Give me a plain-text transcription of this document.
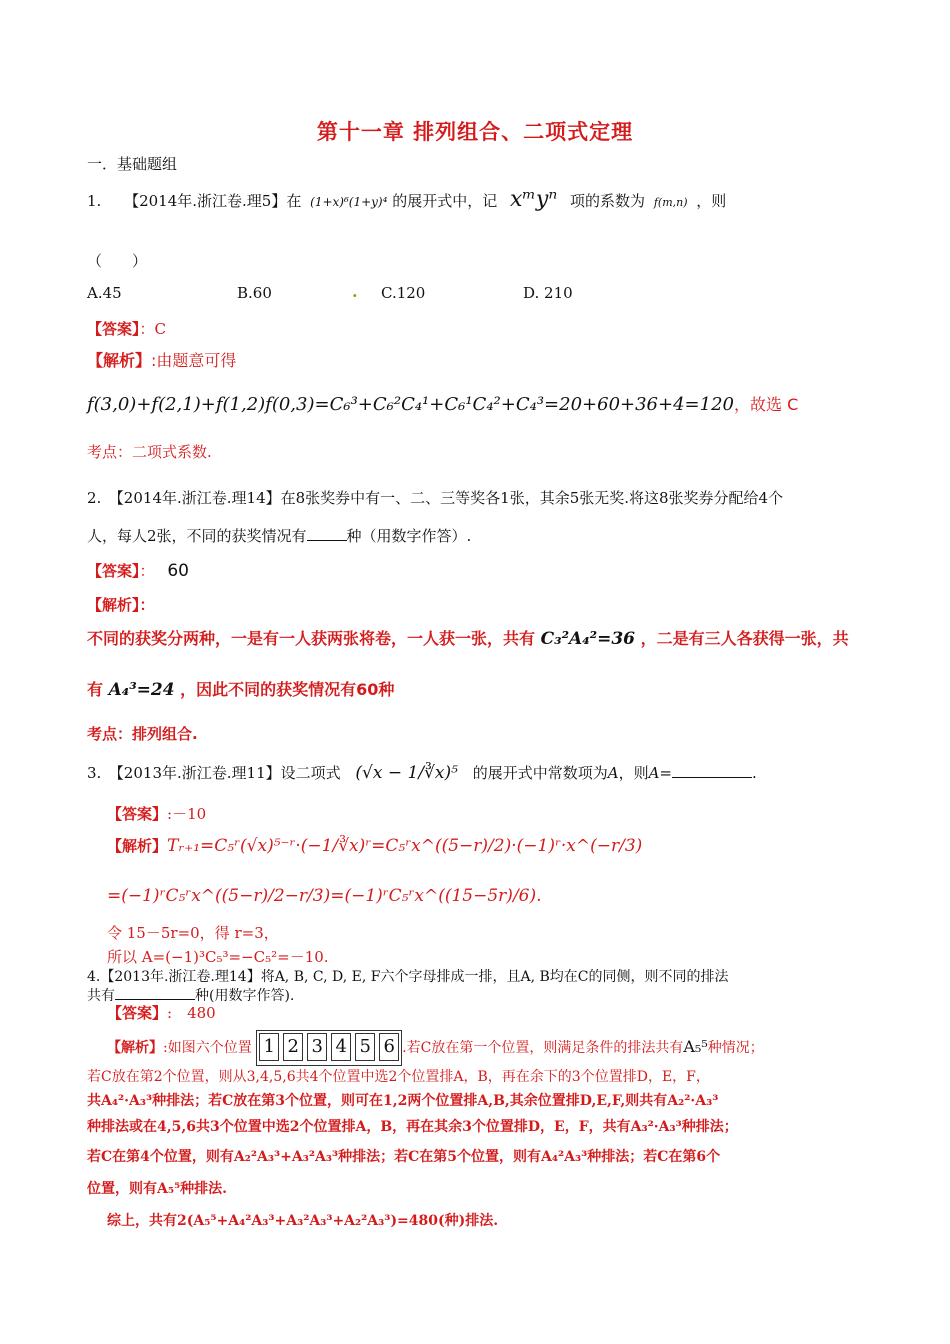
第十一章 排列组合、二项式定理
一．基础题组
1. 【2014年.浙江卷.理5】在 (1+x)⁶(1+y)⁴ 的展开式中，记 xᵐyⁿ 项的系数为 f(m,n) ，则
（　　）
A.45	B.60	. C.120	D. 210
【答案】：C
【解析】:由题意可得
f(3,0)+f(2,1)+f(1,2)f(0,3)=C₆³+C₆²C₄¹+C₆¹C₄²+C₄³=20+60+36+4=120，故选 C
考点：二项式系数.
2.　【2014年.浙江卷.理14】在8张奖券中有一、二、三等奖各1张，其余5张无奖.将这8张奖券分配给4个
人，每人2张，不同的获奖情况有	种（用数字作答）.
【答案】： 60
【解析】：
不同的获奖分两种，一是有一人获两张将卷，一人获一张，共有 C₃²A₄²=36 ，二是有三人各获得一张，共
有 A₄³=24 ，因此不同的获奖情况有60种
考点：排列组合.
3.　【2013年.浙江卷.理11】设二项式 (√x − 1/∛x)⁵ 的展开式中常数项为A，则A=	.
【答案】:－10
【解析】Tᵣ₊₁=C₅ʳ(√x)⁵⁻ʳ·(−1/∛x)ʳ=C₅ʳx^((5−r)/2)·(−1)ʳ·x^(−r/3)
=(−1)ʳC₅ʳx^((5−r)/2−r/3)=(−1)ʳC₅ʳx^((15−5r)/6).
令 15－5r=0，得 r=3，
所以 A=(−1)³C₅³=−C₅²=－10.
4.【2013年.浙江卷.理14】将A, B, C, D, E, F六个字母排成一排，且A, B均在C的同侧，则不同的排法
共有	种(用数字作答).
【答案】:　480
【解析】:如图六个位置 1 2 3 4 5 6 .若C放在第一个位置，则满足条件的排法共有A₅⁵种情况；
若C放在第2个位置，则从3,4,5,6共4个位置中选2个位置排A，B，再在余下的3个位置排D，E，F，
共A₄²·A₃³种排法；若C放在第3个位置，则可在1,2两个位置排A,B,其余位置排D,E,F,则共有A₂²·A₃³
种排法或在4,5,6共3个位置中选2个位置排A，B，再在其余3个位置排D，E，F，共有A₃²·A₃³种排法；
若C在第4个位置，则有A₂²A₃³+A₃²A₃³种排法；若C在第5个位置，则有A₄²A₃³种排法；若C在第6个
位置，则有A₅⁵种排法.
综上，共有2(A₅⁵+A₄²A₃³+A₃²A₃³+A₂²A₃³)=480(种)排法.
